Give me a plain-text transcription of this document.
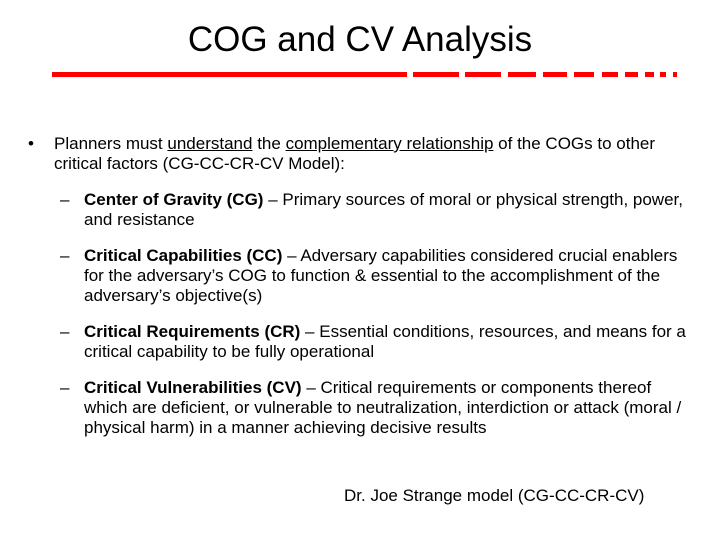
COG and CV Analysis
•	Planners must understand the complementary relationship of the COGs to other critical factors (CG-CC-CR-CV Model):
– Center of Gravity (CG) – Primary sources of moral or physical strength, power, and resistance
– Critical Capabilities (CC) – Adversary capabilities considered crucial enablers for the adversary’s COG to function & essential to the accomplishment of the adversary’s objective(s)
– Critical Requirements (CR) – Essential conditions, resources, and means for a critical capability to be fully operational
– Critical Vulnerabilities (CV) – Critical requirements or components thereof which are deficient, or vulnerable to neutralization, interdiction or attack (moral / physical harm) in a manner achieving decisive results
Dr. Joe Strange model (CG-CC-CR-CV)
